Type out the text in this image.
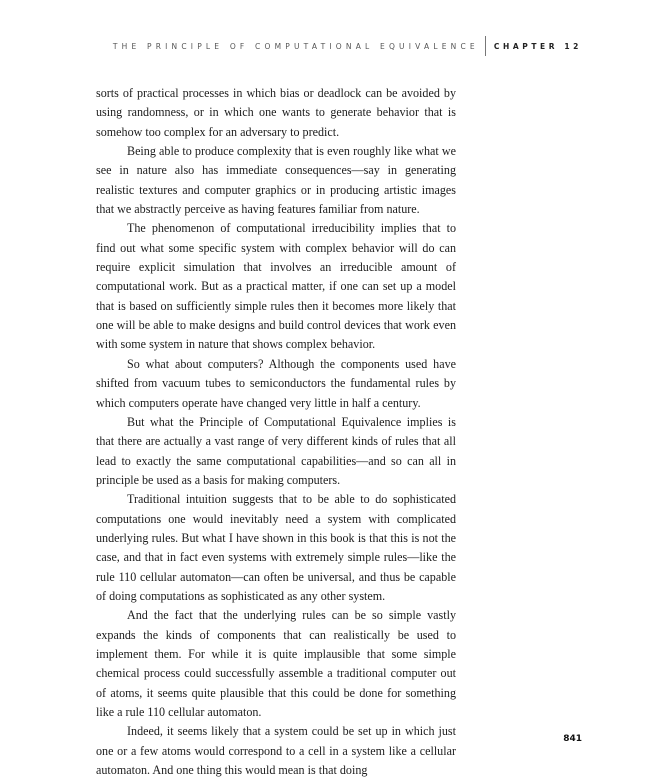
THE PRINCIPLE OF COMPUTATIONAL EQUIVALENCE CHAPTER 12

sorts of practical processes in which bias or deadlock can be avoided by using randomness, or in which one wants to generate behavior that is somehow too complex for an adversary to predict.

Being able to produce complexity that is even roughly like what we see in nature also has immediate consequences—say in generating realistic textures and computer graphics or in producing artistic images that we abstractly perceive as having features familiar from nature.

The phenomenon of computational irreducibility implies that to find out what some specific system with complex behavior will do can require explicit simulation that involves an irreducible amount of computational work. But as a practical matter, if one can set up a model that is based on sufficiently simple rules then it becomes more likely that one will be able to make designs and build control devices that work even with some system in nature that shows complex behavior.

So what about computers? Although the components used have shifted from vacuum tubes to semiconductors the fundamental rules by which computers operate have changed very little in half a century.

But what the Principle of Computational Equivalence implies is that there are actually a vast range of very different kinds of rules that all lead to exactly the same computational capabilities—and so can all in principle be used as a basis for making computers.

Traditional intuition suggests that to be able to do sophisticated computations one would inevitably need a system with complicated underlying rules. But what I have shown in this book is that this is not the case, and that in fact even systems with extremely simple rules—like the rule 110 cellular automaton—can often be universal, and thus be capable of doing computations as sophisticated as any other system.

And the fact that the underlying rules can be so simple vastly expands the kinds of components that can realistically be used to implement them. For while it is quite implausible that some simple chemical process could successfully assemble a traditional computer out of atoms, it seems quite plausible that this could be done for something like a rule 110 cellular automaton.

Indeed, it seems likely that a system could be set up in which just one or a few atoms would correspond to a cell in a system like a cellular automaton. And one thing this would mean is that doing

841
